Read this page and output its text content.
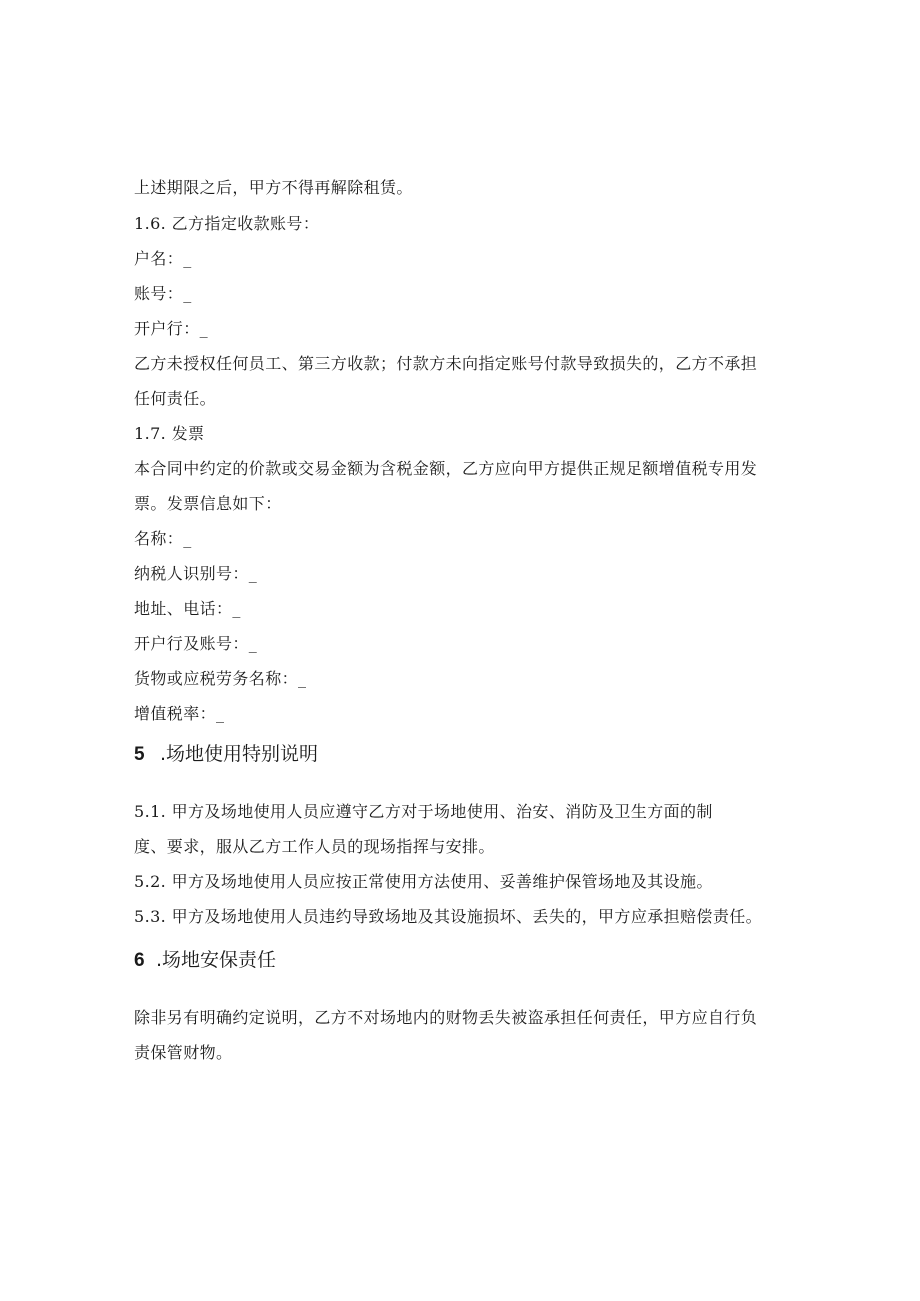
上述期限之后，甲方不得再解除租赁。
1.6. 乙方指定收款账号：
户名：_
账号：_
开户行：_
乙方未授权任何员工、第三方收款；付款方未向指定账号付款导致损失的，乙方不承担
任何责任。
1.7. 发票
本合同中约定的价款或交易金额为含税金额，乙方应向甲方提供正规足额增值税专用发
票。发票信息如下：
名称：_
纳税人识别号：_
地址、电话：_
开户行及账号：_
货物或应税劳务名称：_
增值税率：_
5 .场地使用特别说明
5.1. 甲方及场地使用人员应遵守乙方对于场地使用、治安、消防及卫生方面的制
度、要求，服从乙方工作人员的现场指挥与安排。
5.2. 甲方及场地使用人员应按正常使用方法使用、妥善维护保管场地及其设施。
5.3. 甲方及场地使用人员违约导致场地及其设施损坏、丢失的，甲方应承担赔偿责任。
6 .场地安保责任
除非另有明确约定说明，乙方不对场地内的财物丢失被盗承担任何责任，甲方应自行负
责保管财物。
